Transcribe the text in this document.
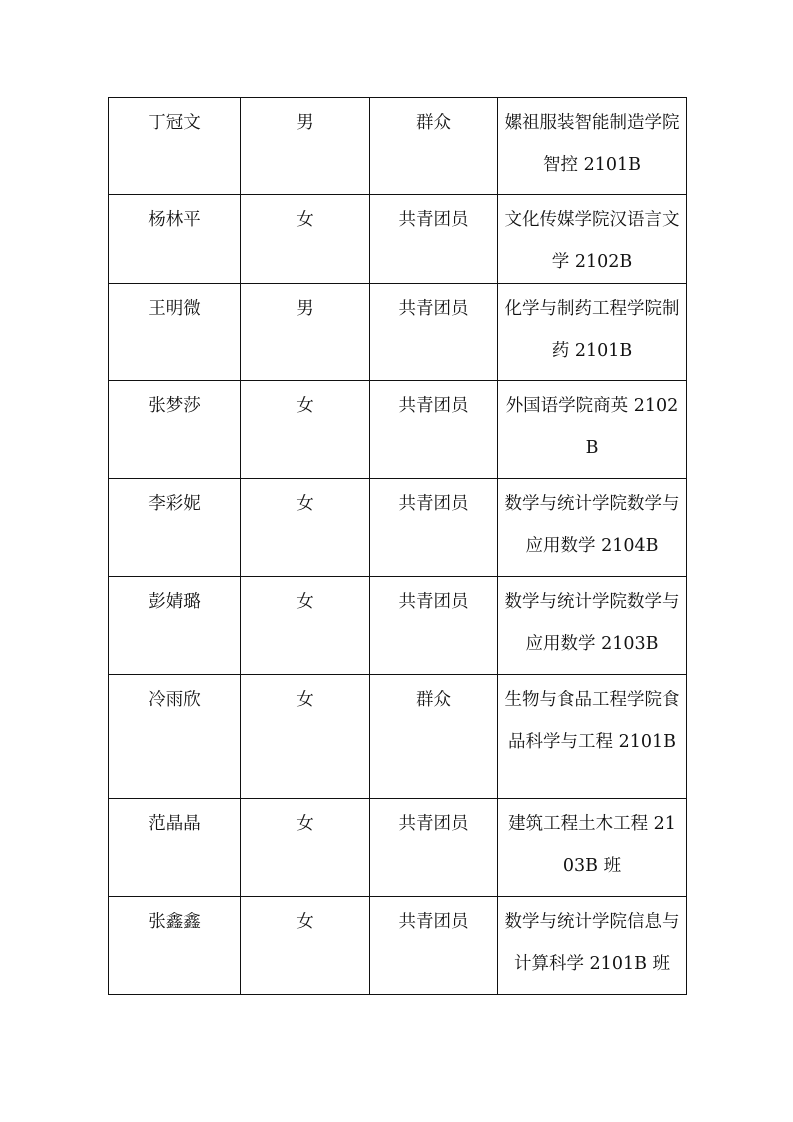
丁冠文	男	群众	嫘祖服装智能制造学院智控 2101B
杨林平	女	共青团员	文化传媒学院汉语言文学 2102B
王明微	男	共青团员	化学与制药工程学院制药 2101B
张梦莎	女	共青团员	外国语学院商英 2102B
李彩妮	女	共青团员	数学与统计学院数学与应用数学 2104B
彭婧璐	女	共青团员	数学与统计学院数学与应用数学 2103B
冷雨欣	女	群众	生物与食品工程学院食品科学与工程 2101B
范晶晶	女	共青团员	建筑工程土木工程 2103B 班
张鑫鑫	女	共青团员	数学与统计学院信息与计算科学 2101B 班
